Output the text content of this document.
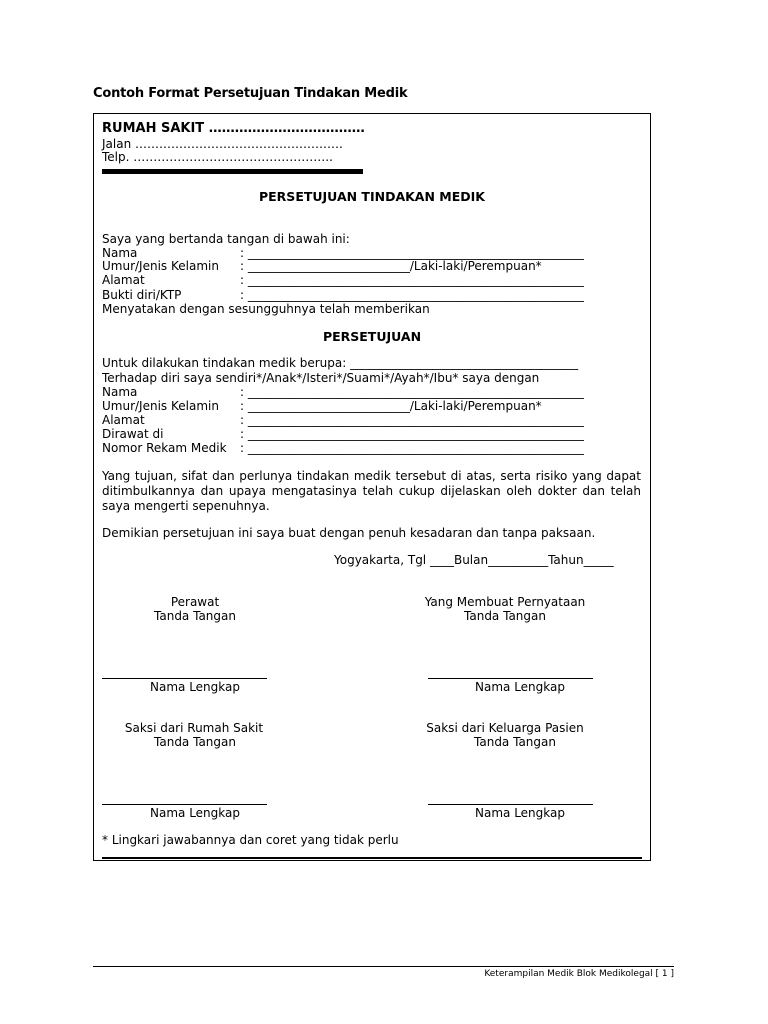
Contoh Format Persetujuan Tindakan Medik
RUMAH SAKIT ………………………………
Jalan …………………………………………….
Telp. …………………………………………..
PERSETUJUAN TINDAKAN MEDIK
Saya yang bertanda tangan di bawah ini:
Nama	: ________________________________________________________
Umur/Jenis Kelamin : ___________________________/Laki-laki/Perempuan*
Alamat	: ________________________________________________________
Bukti diri/KTP	: ________________________________________________________
Menyatakan dengan sesungguhnya telah memberikan
PERSETUJUAN
Untuk dilakukan tindakan medik berupa: ______________________________________
Terhadap diri saya sendiri*/Anak*/Isteri*/Suami*/Ayah*/Ibu* saya dengan
Nama	: ________________________________________________________
Umur/Jenis Kelamin : ___________________________/Laki-laki/Perempuan*
Alamat	: ________________________________________________________
Dirawat di	: ________________________________________________________
Nomor Rekam Medik : ________________________________________________________
Yang tujuan, sifat dan perlunya tindakan medik tersebut di atas, serta risiko yang dapat ditimbulkannya dan upaya mengatasinya telah cukup dijelaskan oleh dokter dan telah saya mengerti sepenuhnya.
Demikian persetujuan ini saya buat dengan penuh kesadaran dan tanpa paksaan.
Yogyakarta, Tgl ____Bulan__________Tahun_____
Perawat
Tanda Tangan
Yang Membuat Pernyataan
Tanda Tangan
Nama Lengkap	Nama Lengkap
Saksi dari Rumah Sakit
Tanda Tangan
Saksi dari Keluarga Pasien
Tanda Tangan
Nama Lengkap	Nama Lengkap
* Lingkari jawabannya dan coret yang tidak perlu
Keterampilan Medik Blok Medikolegal [ 1 ]
